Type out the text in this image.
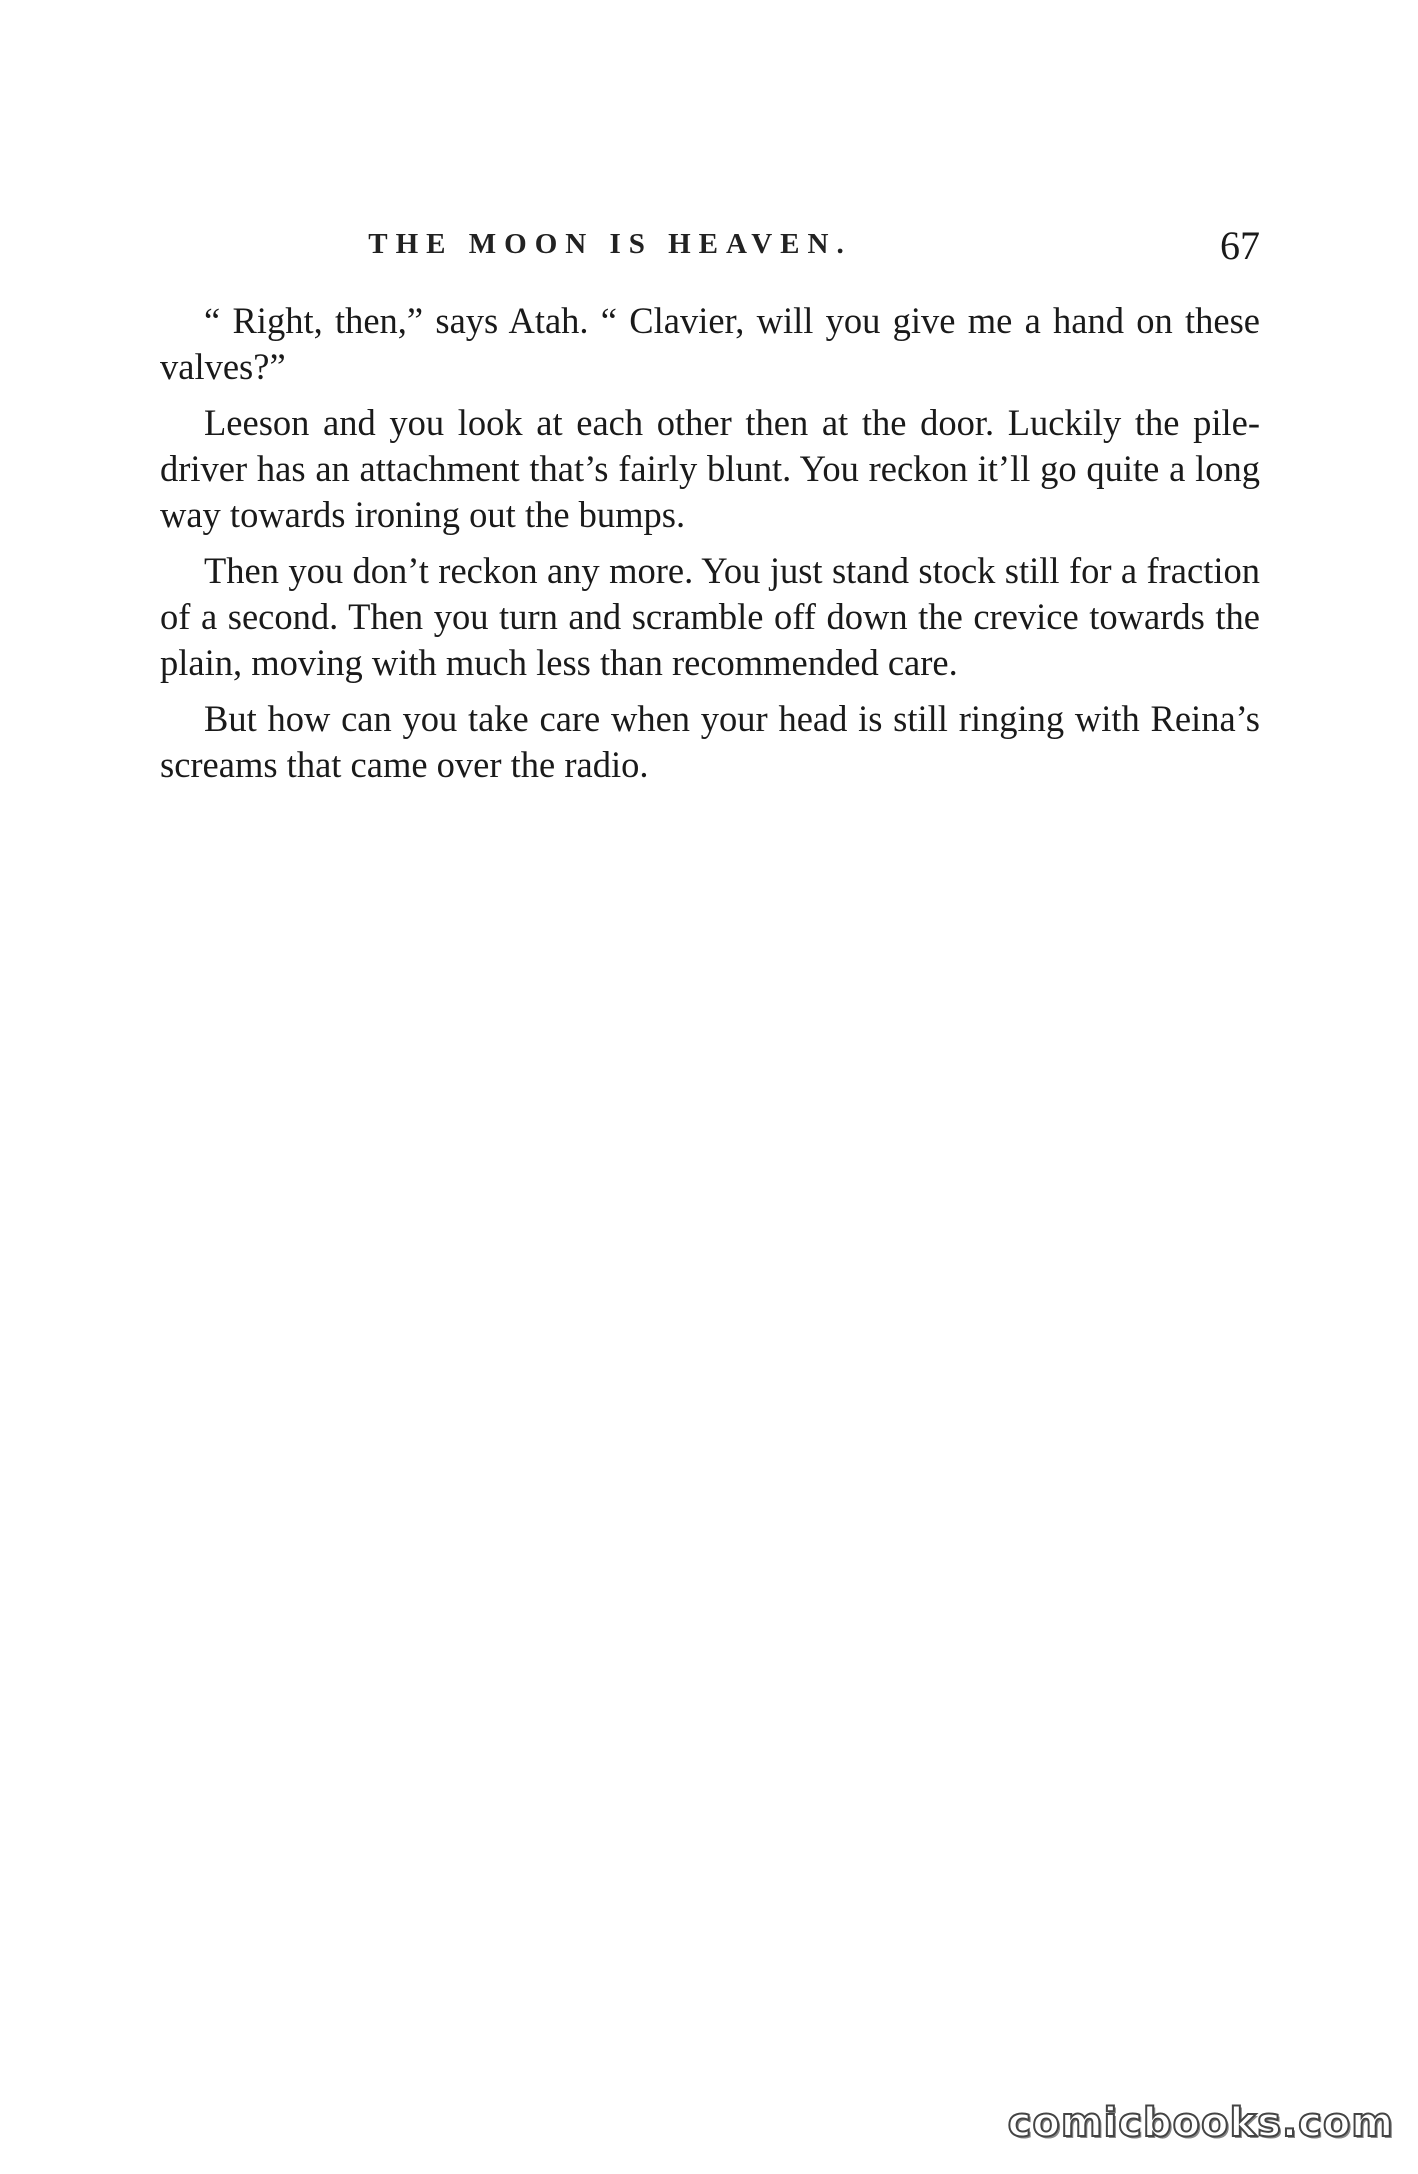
THE MOON IS HEAVEN.	67

“ Right, then,” says Atah. “ Clavier, will you give me a hand on these valves?”

Leeson and you look at each other then at the door. Luckily the pile-driver has an attachment that’s fairly blunt. You reckon it’ll go quite a long way towards ironing out the bumps.

Then you don’t reckon any more. You just stand stock still for a fraction of a second. Then you turn and scramble off down the crevice towards the plain, moving with much less than recommended care.

But how can you take care when your head is still ringing with Reina’s screams that came over the radio.

comicbooks.com
